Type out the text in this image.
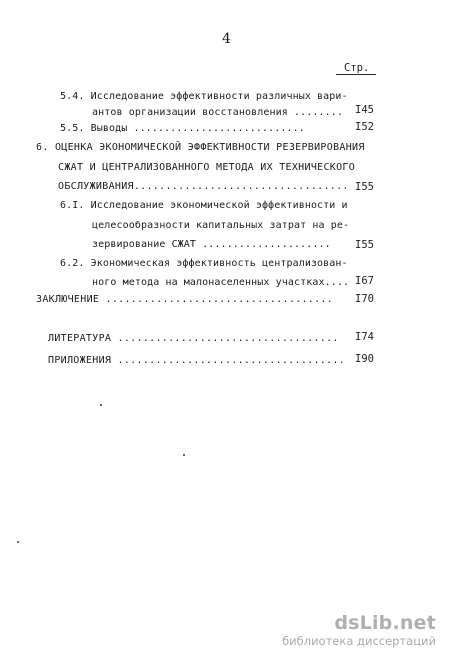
4
Стр.
5.4. Исследование эффективности различных вари-
антов организации восстановления ........	I45
5.5. Выводы ............................	I52
6. ОЦЕНКА ЭКОНОМИЧЕСКОЙ ЭФФЕКТИВНОСТИ РЕЗЕРВИРОВАНИЯ
СЖАТ И ЦЕНТРАЛИЗОВАННОГО МЕТОДА ИХ ТЕХНИЧЕСКОГО
ОБСЛУЖИВАНИЯ.................................. I55
6.I. Исследование экономической эффективности и
целесообразности капитальных затрат на ре-
зервирование СЖАТ .....................	I55
6.2. Экономическая эффективность централизован-
ного метода на малонаселенных участках.... I67
ЗАКЛЮЧЕНИЕ ....................................	I70
ЛИТЕРАТУРА ...................................	I74
ПРИЛОЖЕНИЯ .................................... I90
dsLib.net
библиотека диссертаций
